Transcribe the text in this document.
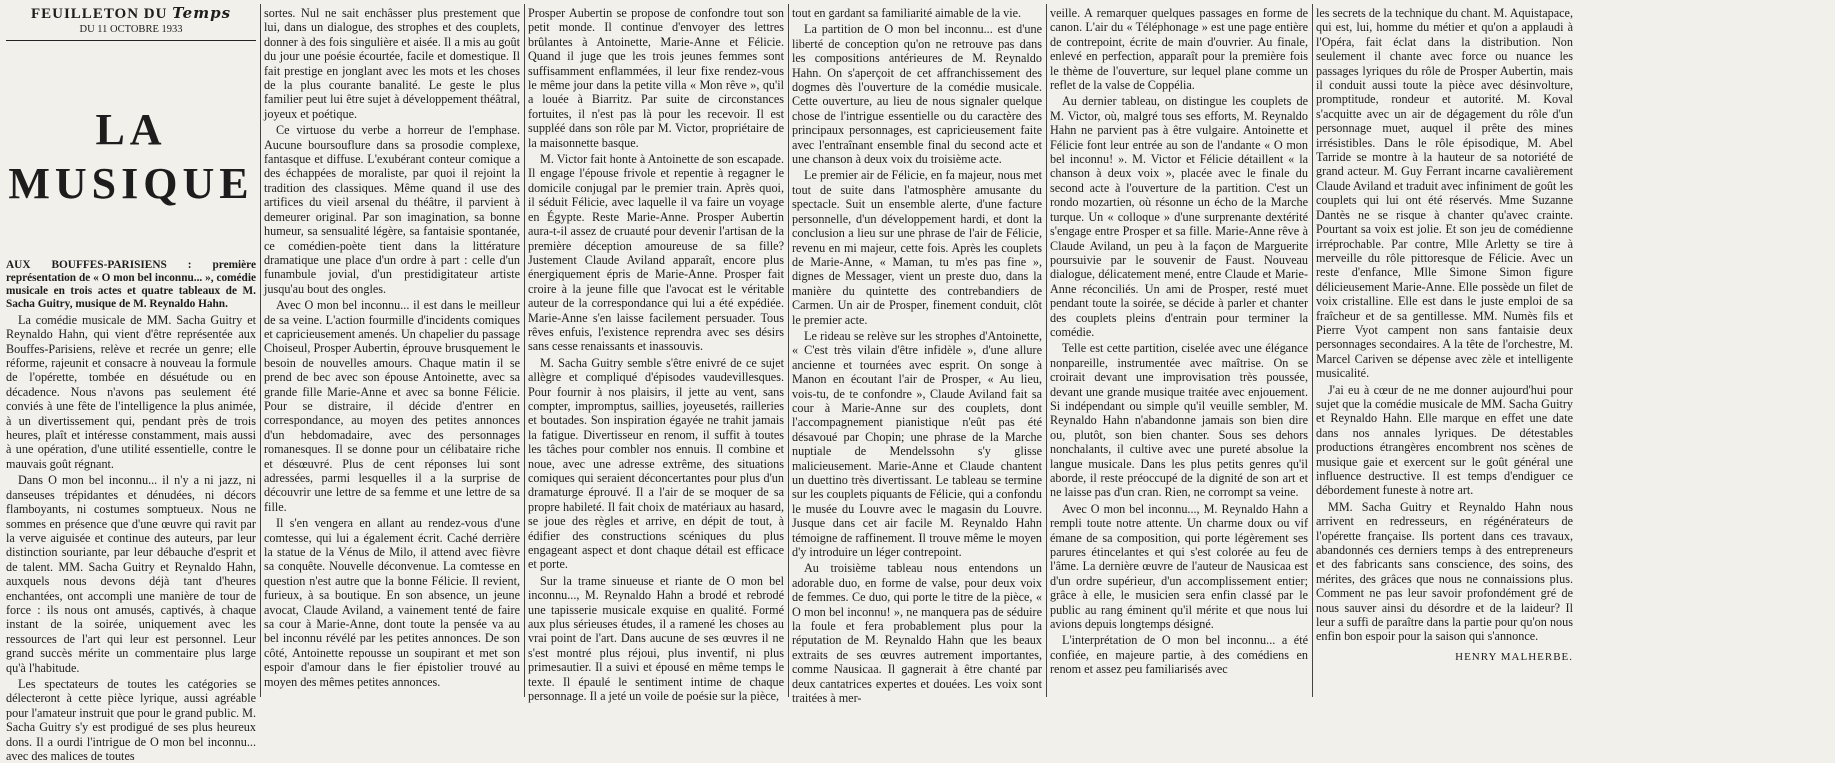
FEUILLETON DU Temps
DU 11 OCTOBRE 1933
LA MUSIQUE

AUX BOUFFES-PARISIENS : première représentation de « O mon bel inconnu... », comédie musicale en trois actes et quatre tableaux de M. Sacha Guitry, musique de M. Reynaldo Hahn.

La comédie musicale de MM. Sacha Guitry et Reynaldo Hahn, qui vient d'être représentée aux Bouffes-Parisiens, relève et recrée un genre; elle réforme, rajeunit et consacre à nouveau la formule de l'opérette, tombée en désuétude ou en décadence. Nous n'avons pas seulement été conviés à une fête de l'intelligence la plus animée, à un divertissement qui, pendant près de trois heures, plaît et intéresse constamment, mais aussi à une opération, d'une utilité essentielle, contre le mauvais goût régnant.

Dans O mon bel inconnu... il n'y a ni jazz, ni danseuses trépidantes et dénudées, ni décors flamboyants, ni costumes somptueux. Nous ne sommes en présence que d'une œuvre qui ravit par la verve aiguisée et continue des auteurs, par leur distinction souriante, par leur débauche d'esprit et de talent. MM. Sacha Guitry et Reynaldo Hahn, auxquels nous devons déjà tant d'heures enchantées, ont accompli une manière de tour de force : ils nous ont amusés, captivés, à chaque instant de la soirée, uniquement avec les ressources de l'art qui leur est personnel. Leur grand succès mérite un commentaire plus large qu'à l'habitude.

Les spectateurs de toutes les catégories se délecteront à cette pièce lyrique, aussi agréable pour l'amateur instruit que pour le grand public. M. Sacha Guitry s'y est prodigué de ses plus heureux dons. Il a ourdi l'intrigue de O mon bel inconnu... avec des malices de toutes

sortes. Nul ne sait enchâsser plus prestement que lui, dans un dialogue, des strophes et des couplets, donner à des fois singulière et aisée. Il a mis au goût du jour une poésie écourtée, facile et domestique. Il fait prestige en jonglant avec les mots et les choses de la plus courante banalité. Le geste le plus familier peut lui être sujet à développement théâtral, joyeux et poétique.

Ce virtuose du verbe a horreur de l'emphase. Aucune boursouflure dans sa prosodie complexe, fantasque et diffuse. L'exubérant conteur comique a des échappées de moraliste, par quoi il rejoint la tradition des classiques. Même quand il use des artifices du vieil arsenal du théâtre, il parvient à demeurer original. Par son imagination, sa bonne humeur, sa sensualité légère, sa fantaisie spontanée, ce comédien-poète tient dans la littérature dramatique une place d'un ordre à part : celle d'un funambule jovial, d'un prestidigitateur artiste jusqu'au bout des ongles.

Avec O mon bel inconnu... il est dans le meilleur de sa veine. L'action fourmille d'incidents comiques et capricieusement amenés. Un chapelier du passage Choiseul, Prosper Aubertin, éprouve brusquement le besoin de nouvelles amours. Chaque matin il se prend de bec avec son épouse Antoinette, avec sa grande fille Marie-Anne et avec sa bonne Félicie. Pour se distraire, il décide d'entrer en correspondance, au moyen des petites annonces d'un hebdomadaire, avec des personnages romanesques. Il se donne pour un célibataire riche et désœuvré. Plus de cent réponses lui sont adressées, parmi lesquelles il a la surprise de découvrir une lettre de sa femme et une lettre de sa fille.

Il s'en vengera en allant au rendez-vous d'une comtesse, qui lui a également écrit. Caché derrière la statue de la Vénus de Milo, il attend avec fièvre sa conquête. Nouvelle déconvenue. La comtesse en question n'est autre que la bonne Félicie. Il revient, furieux, à sa boutique. En son absence, un jeune avocat, Claude Aviland, a vainement tenté de faire sa cour à Marie-Anne, dont toute la pensée va au bel inconnu révélé par les petites annonces. De son côté, Antoinette repousse un soupirant et met son espoir d'amour dans le fier épistolier trouvé au moyen des mêmes petites annonces.

Prosper Aubertin se propose de confondre tout son petit monde. Il continue d'envoyer des lettres brûlantes à Antoinette, Marie-Anne et Félicie. Quand il juge que les trois jeunes femmes sont suffisamment enflammées, il leur fixe rendez-vous le même jour dans la petite villa « Mon rêve », qu'il a louée à Biarritz. Par suite de circonstances fortuites, il n'est pas là pour les recevoir. Il est suppléé dans son rôle par M. Victor, propriétaire de la maisonnette basque.

M. Victor fait honte à Antoinette de son escapade. Il engage l'épouse frivole et repentie à regagner le domicile conjugal par le premier train. Après quoi, il séduit Félicie, avec laquelle il va faire un voyage en Égypte. Reste Marie-Anne. Prosper Aubertin aura-t-il assez de cruauté pour devenir l'artisan de la première déception amoureuse de sa fille? Justement Claude Aviland apparaît, encore plus énergiquement épris de Marie-Anne. Prosper fait croire à la jeune fille que l'avocat est le véritable auteur de la correspondance qui lui a été expédiée. Marie-Anne s'en laisse facilement persuader. Tous rêves enfuis, l'existence reprendra avec ses désirs sans cesse renaissants et inassouvis.

M. Sacha Guitry semble s'être enivré de ce sujet allègre et compliqué d'épisodes vaudevillesques. Pour fournir à nos plaisirs, il jette au vent, sans compter, impromptus, saillies, joyeusetés, railleries et boutades. Son inspiration égayée ne trahit jamais la fatigue. Divertisseur en renom, il suffit à toutes les tâches pour combler nos ennuis. Il combine et noue, avec une adresse extrême, des situations comiques qui seraient déconcertantes pour plus d'un dramaturge éprouvé. Il a l'air de se moquer de sa propre habileté. Il fait choix de matériaux au hasard, se joue des règles et arrive, en dépit de tout, à édifier des constructions scéniques du plus engageant aspect et dont chaque détail est efficace et porte.

Sur la trame sinueuse et riante de O mon bel inconnu..., M. Reynaldo Hahn a brodé et rebrodé une tapisserie musicale exquise en qualité. Formé aux plus sérieuses études, il a ramené les choses au vrai point de l'art. Dans aucune de ses œuvres il ne s'est montré plus réjoui, plus inventif, ni plus primesautier. Il a suivi et épousé en même temps le texte. Il épaulé le sentiment intime de chaque personnage. Il a jeté un voile de poésie sur la pièce,

tout en gardant sa familiarité aimable de la vie.

La partition de O mon bel inconnu... est d'une liberté de conception qu'on ne retrouve pas dans les compositions antérieures de M. Reynaldo Hahn. On s'aperçoit de cet affranchissement des dogmes dès l'ouverture de la comédie musicale. Cette ouverture, au lieu de nous signaler quelque chose de l'intrigue essentielle ou du caractère des principaux personnages, est capricieusement faite avec l'entraînant ensemble final du second acte et une chanson à deux voix du troisième acte.

Le premier air de Félicie, en fa majeur, nous met tout de suite dans l'atmosphère amusante du spectacle. Suit un ensemble alerte, d'une facture personnelle, d'un développement hardi, et dont la conclusion a lieu sur une phrase de l'air de Félicie, revenu en mi majeur, cette fois. Après les couplets de Marie-Anne, « Maman, tu m'es pas fine », dignes de Messager, vient un preste duo, dans la manière du quintette des contrebandiers de Carmen. Un air de Prosper, finement conduit, clôt le premier acte.

Le rideau se relève sur les strophes d'Antoinette, « C'est très vilain d'être infidèle », d'une allure ancienne et tournées avec esprit. On songe à Manon en écoutant l'air de Prosper, « Au lieu, vois-tu, de te confondre », Claude Aviland fait sa cour à Marie-Anne sur des couplets, dont l'accompagnement pianistique n'eût pas été désavoué par Chopin; une phrase de la Marche nuptiale de Mendelssohn s'y glisse malicieusement. Marie-Anne et Claude chantent un duettino très divertissant. Le tableau se termine sur les couplets piquants de Félicie, qui a confondu le musée du Louvre avec le magasin du Louvre. Jusque dans cet air facile M. Reynaldo Hahn témoigne de raffinement. Il trouve même le moyen d'y introduire un léger contrepoint.

Au troisième tableau nous entendons un adorable duo, en forme de valse, pour deux voix de femmes. Ce duo, qui porte le titre de la pièce, « O mon bel inconnu! », ne manquera pas de séduire la foule et fera probablement plus pour la réputation de M. Reynaldo Hahn que les beaux extraits de ses œuvres autrement importantes, comme Nausicaa. Il gagnerait à être chanté par deux cantatrices expertes et douées. Les voix sont traitées à mer-

veille. A remarquer quelques passages en forme de canon. L'air du « Téléphonage » est une page entière de contrepoint, écrite de main d'ouvrier. Au finale, enlevé en perfection, apparaît pour la première fois le thème de l'ouverture, sur lequel plane comme un reflet de la valse de Coppélia.

Au dernier tableau, on distingue les couplets de M. Victor, où, malgré tous ses efforts, M. Reynaldo Hahn ne parvient pas à être vulgaire. Antoinette et Félicie font leur entrée au son de l'andante « O mon bel inconnu! ». M. Victor et Félicie détaillent « la chanson à deux voix », placée avec le finale du second acte à l'ouverture de la partition. C'est un rondo mozartien, où résonne un écho de la Marche turque. Un « colloque » d'une surprenante dextérité s'engage entre Prosper et sa fille. Marie-Anne rêve à Claude Aviland, un peu à la façon de Marguerite poursuivie par le souvenir de Faust. Nouveau dialogue, délicatement mené, entre Claude et Marie-Anne réconciliés. Un ami de Prosper, resté muet pendant toute la soirée, se décide à parler et chanter des couplets pleins d'entrain pour terminer la comédie.

Telle est cette partition, ciselée avec une élégance nonpareille, instrumentée avec maîtrise. On se croirait devant une improvisation très poussée, devant une grande musique traitée avec enjouement. Si indépendant ou simple qu'il veuille sembler, M. Reynaldo Hahn n'abandonne jamais son bien dire ou, plutôt, son bien chanter. Sous ses dehors nonchalants, il cultive avec une pureté absolue la langue musicale. Dans les plus petits genres qu'il aborde, il reste préoccupé de la dignité de son art et ne laisse pas d'un cran. Rien, ne corrompt sa veine.

Avec O mon bel inconnu..., M. Reynaldo Hahn a rempli toute notre attente. Un charme doux ou vif émane de sa composition, qui porte légèrement ses parures étincelantes et qui s'est colorée au feu de l'âme. La dernière œuvre de l'auteur de Nausicaa est d'un ordre supérieur, d'un accomplissement entier; grâce à elle, le musicien sera enfin classé par le public au rang éminent qu'il mérite et que nous lui avions depuis longtemps désigné.

L'interprétation de O mon bel inconnu... a été confiée, en majeure partie, à des comédiens en renom et assez peu familiarisés avec

les secrets de la technique du chant. M. Aquistapace, qui est, lui, homme du métier et qu'on a applaudi à l'Opéra, fait éclat dans la distribution. Non seulement il chante avec force ou nuance les passages lyriques du rôle de Prosper Aubertin, mais il conduit aussi toute la pièce avec désinvolture, promptitude, rondeur et autorité. M. Koval s'acquitte avec un air de dégagement du rôle d'un personnage muet, auquel il prête des mines irrésistibles. Dans le rôle épisodique, M. Abel Tarride se montre à la hauteur de sa notoriété de grand acteur. M. Guy Ferrant incarne cavalièrement Claude Aviland et traduit avec infiniment de goût les couplets qui lui ont été réservés. Mme Suzanne Dantès ne se risque à chanter qu'avec crainte. Pourtant sa voix est jolie. Et son jeu de comédienne irréprochable. Par contre, Mlle Arletty se tire à merveille du rôle pittoresque de Félicie. Avec un reste d'enfance, Mlle Simone Simon figure délicieusement Marie-Anne. Elle possède un filet de voix cristalline. Elle est dans le juste emploi de sa fraîcheur et de sa gentillesse. MM. Numès fils et Pierre Vyot campent non sans fantaisie deux personnages secondaires. A la tête de l'orchestre, M. Marcel Cariven se dépense avec zèle et intelligente musicalité.

J'ai eu à cœur de ne me donner aujourd'hui pour sujet que la comédie musicale de MM. Sacha Guitry et Reynaldo Hahn. Elle marque en effet une date dans nos annales lyriques. De détestables productions étrangères encombrent nos scènes de musique gaie et exercent sur le goût général une influence destructive. Il est temps d'endiguer ce débordement funeste à notre art.

MM. Sacha Guitry et Reynaldo Hahn nous arrivent en redresseurs, en régénérateurs de l'opérette française. Ils portent dans ces travaux, abandonnés ces derniers temps à des entrepreneurs et des fabricants sans conscience, des soins, des mérites, des grâces que nous ne connaissions plus. Comment ne pas leur savoir profondément gré de nous sauver ainsi du désordre et de la laideur? Il leur a suffi de paraître dans la partie pour qu'on nous enfin bon espoir pour la saison qui s'annonce.

HENRY MALHERBE.
